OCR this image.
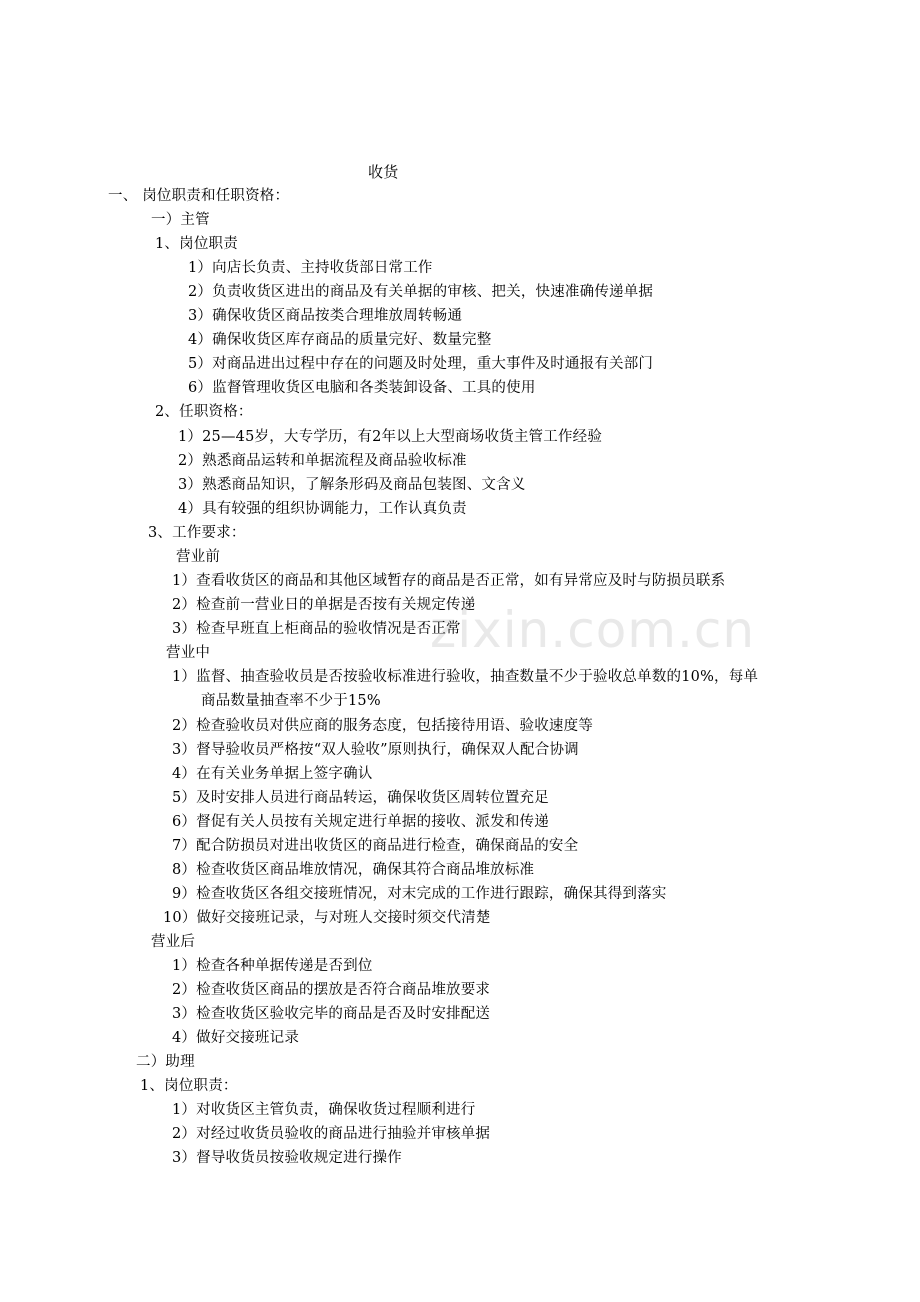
zixin.com.cn
收货
一、 岗位职责和任职资格：
一）主管
1、岗位职责
1）向店长负责、主持收货部日常工作
2）负责收货区进出的商品及有关单据的审核、把关，快速准确传递单据
3）确保收货区商品按类合理堆放周转畅通
4）确保收货区库存商品的质量完好、数量完整
5）对商品进出过程中存在的问题及时处理，重大事件及时通报有关部门
6）监督管理收货区电脑和各类装卸设备、工具的使用
2、任职资格：
1）25—45岁，大专学历，有2年以上大型商场收货主管工作经验
2）熟悉商品运转和单据流程及商品验收标准
3）熟悉商品知识，了解条形码及商品包装图、文含义
4）具有较强的组织协调能力，工作认真负责
3、工作要求：
营业前
1）查看收货区的商品和其他区域暂存的商品是否正常，如有异常应及时与防损员联系
2）检查前一营业日的单据是否按有关规定传递
3）检查早班直上柜商品的验收情况是否正常
营业中
1）监督、抽查验收员是否按验收标准进行验收，抽查数量不少于验收总单数的10%，每单
商品数量抽查率不少于15%
2）检查验收员对供应商的服务态度，包括接待用语、验收速度等
3）督导验收员严格按“双人验收”原则执行，确保双人配合协调
4）在有关业务单据上签字确认
5）及时安排人员进行商品转运，确保收货区周转位置充足
6）督促有关人员按有关规定进行单据的接收、派发和传递
7）配合防损员对进出收货区的商品进行检查，确保商品的安全
8）检查收货区商品堆放情况，确保其符合商品堆放标准
9）检查收货区各组交接班情况，对末完成的工作进行跟踪，确保其得到落实
10）做好交接班记录，与对班人交接时须交代清楚
营业后
1）检查各种单据传递是否到位
2）检查收货区商品的摆放是否符合商品堆放要求
3）检查收货区验收完毕的商品是否及时安排配送
4）做好交接班记录
二）助理
1、岗位职责：
1）对收货区主管负责，确保收货过程顺利进行
2）对经过收货员验收的商品进行抽验并审核单据
3）督导收货员按验收规定进行操作
